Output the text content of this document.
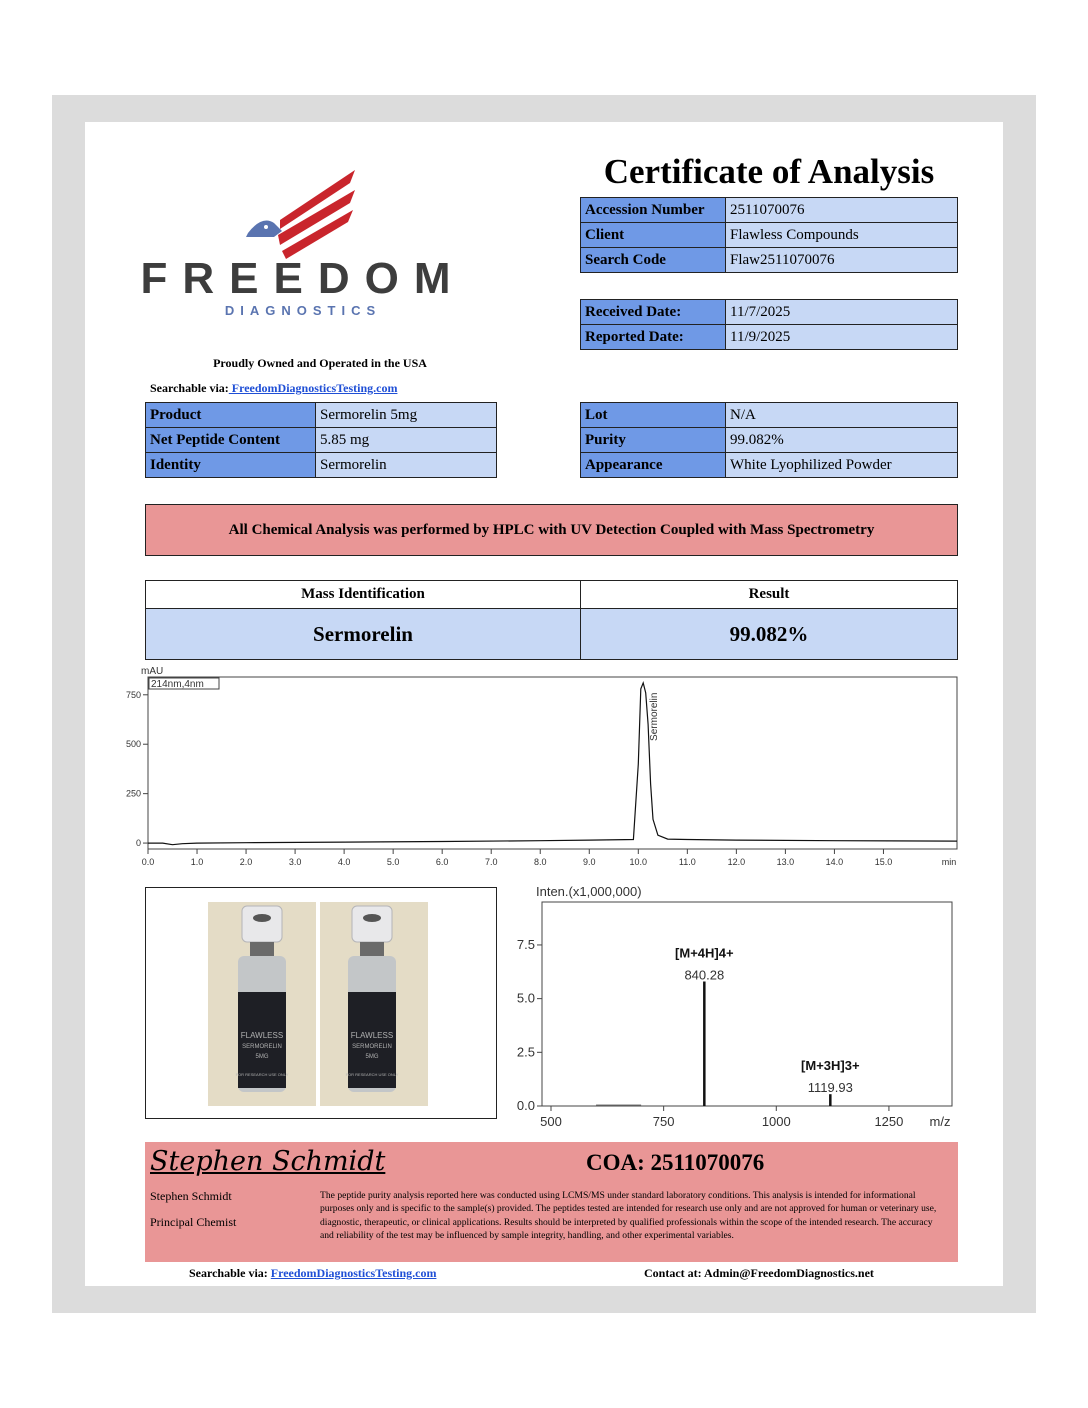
FREEDOM
DIAGNOSTICS
Certificate of Analysis
Accession Number	2511070076
Client	Flawless Compounds
Search Code	Flaw2511070076
Received Date:	11/7/2025
Reported Date:	11/9/2025
Proudly Owned and Operated in the USA
Searchable via: FreedomDiagnosticsTesting.com
Product	Sermorelin 5mg
Net Peptide Content	5.85 mg
Identity	Sermorelin
Lot	N/A
Purity	99.082%
Appearance	White Lyophilized Powder
All Chemical Analysis was performed by HPLC with UV Detection Coupled with Mass Spectrometry
Mass Identification	Result
Sermorelin	99.082%
mAU
214nm,4nm
0
250
500
750
0.0	1.0	2.0	3.0	4.0	5.0	6.0	7.0	8.0	9.0	10.0	11.0	12.0	13.0	14.0	15.0	min
Sermorelin
FLAWLESS
SERMORELIN
5MG
FOR RESEARCH USE ONLY
FLAWLESS
SERMORELIN
5MG
FOR RESEARCH USE ONLY
Inten.(x1,000,000)
0.0
2.5
5.0
7.5
500	750	1000	1250 m/z
[M+4H]4+
840.28
[M+3H]3+
1119.93
Stephen Schmidt	COA: 2511070076
Stephen Schmidt
Principal Chemist
The peptide purity analysis reported here was conducted using LCMS/MS under standard laboratory conditions. This analysis is intended for informational purposes only and is specific to the sample(s) provided. The peptides tested are intended for research use only and are not approved for human or veterinary use, diagnostic, therapeutic, or clinical applications. Results should be interpreted by qualified professionals within the scope of the intended research. The accuracy and reliability of the test may be influenced by sample integrity, handling, and other experimental variables.
Searchable via: FreedomDiagnosticsTesting.com	Contact at: Admin@FreedomDiagnostics.net
